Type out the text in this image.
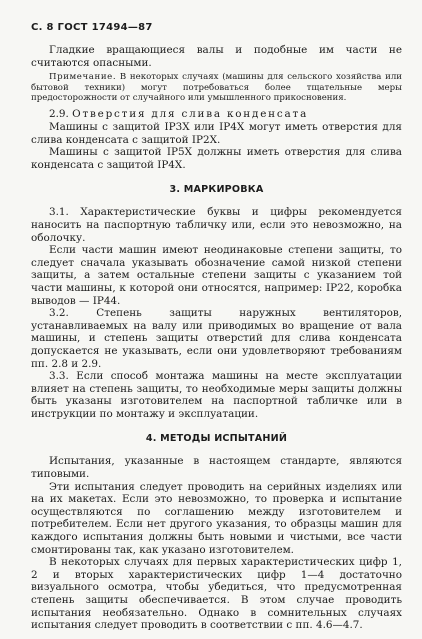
С. 8 ГОСТ 17494—87

Гладкие вращающиеся валы и подобные им части не считаются опасными.

Примечание. В некоторых случаях (машины для сельского хозяйства или бытовой техники) могут потребоваться более тщательные меры предосторожности от случайного или умышленного прикосновения.

2.9. Отверстия для слива конденсата

Машины с защитой IP3X или IP4X могут иметь отверстия для слива конденсата с защитой IP2X.

Машины с защитой IP5X должны иметь отверстия для слива конденсата с защитой IP4X.

3. МАРКИРОВКА

3.1. Характеристические буквы и цифры рекомендуется наносить на паспортную табличку или, если это невозможно, на оболочку.

Если части машин имеют неодинаковые степени защиты, то следует сначала указывать обозначение самой низкой степени защиты, а затем остальные степени защиты с указанием той части машины, к которой они относятся, например: IP22, коробка выводов — IP44.

3.2. Степень защиты наружных вентиляторов, устанавливаемых на валу или приводимых во вращение от вала машины, и степень защиты отверстий для слива конденсата допускается не указывать, если они удовлетворяют требованиям пп. 2.8 и 2.9.

3.3. Если способ монтажа машины на месте эксплуатации влияет на степень защиты, то необходимые меры защиты должны быть указаны изготовителем на паспортной табличке или в инструкции по монтажу и эксплуатации.

4. МЕТОДЫ ИСПЫТАНИЙ

Испытания, указанные в настоящем стандарте, являются типовыми.

Эти испытания следует проводить на серийных изделиях или на их макетах. Если это невозможно, то проверка и испытание осуществляются по соглашению между изготовителем и потребителем. Если нет другого указания, то образцы машин для каждого испытания должны быть новыми и чистыми, все части смонтированы так, как указано изготовителем.

В некоторых случаях для первых характеристических цифр 1, 2 и вторых характеристических цифр 1—4 достаточно визуального осмотра, чтобы убедиться, что предусмотренная степень защиты обеспечивается. В этом случае проводить испытания необязательно. Однако в сомнительных случаях испытания следует проводить в соответствии с пп. 4.6—4.7.
